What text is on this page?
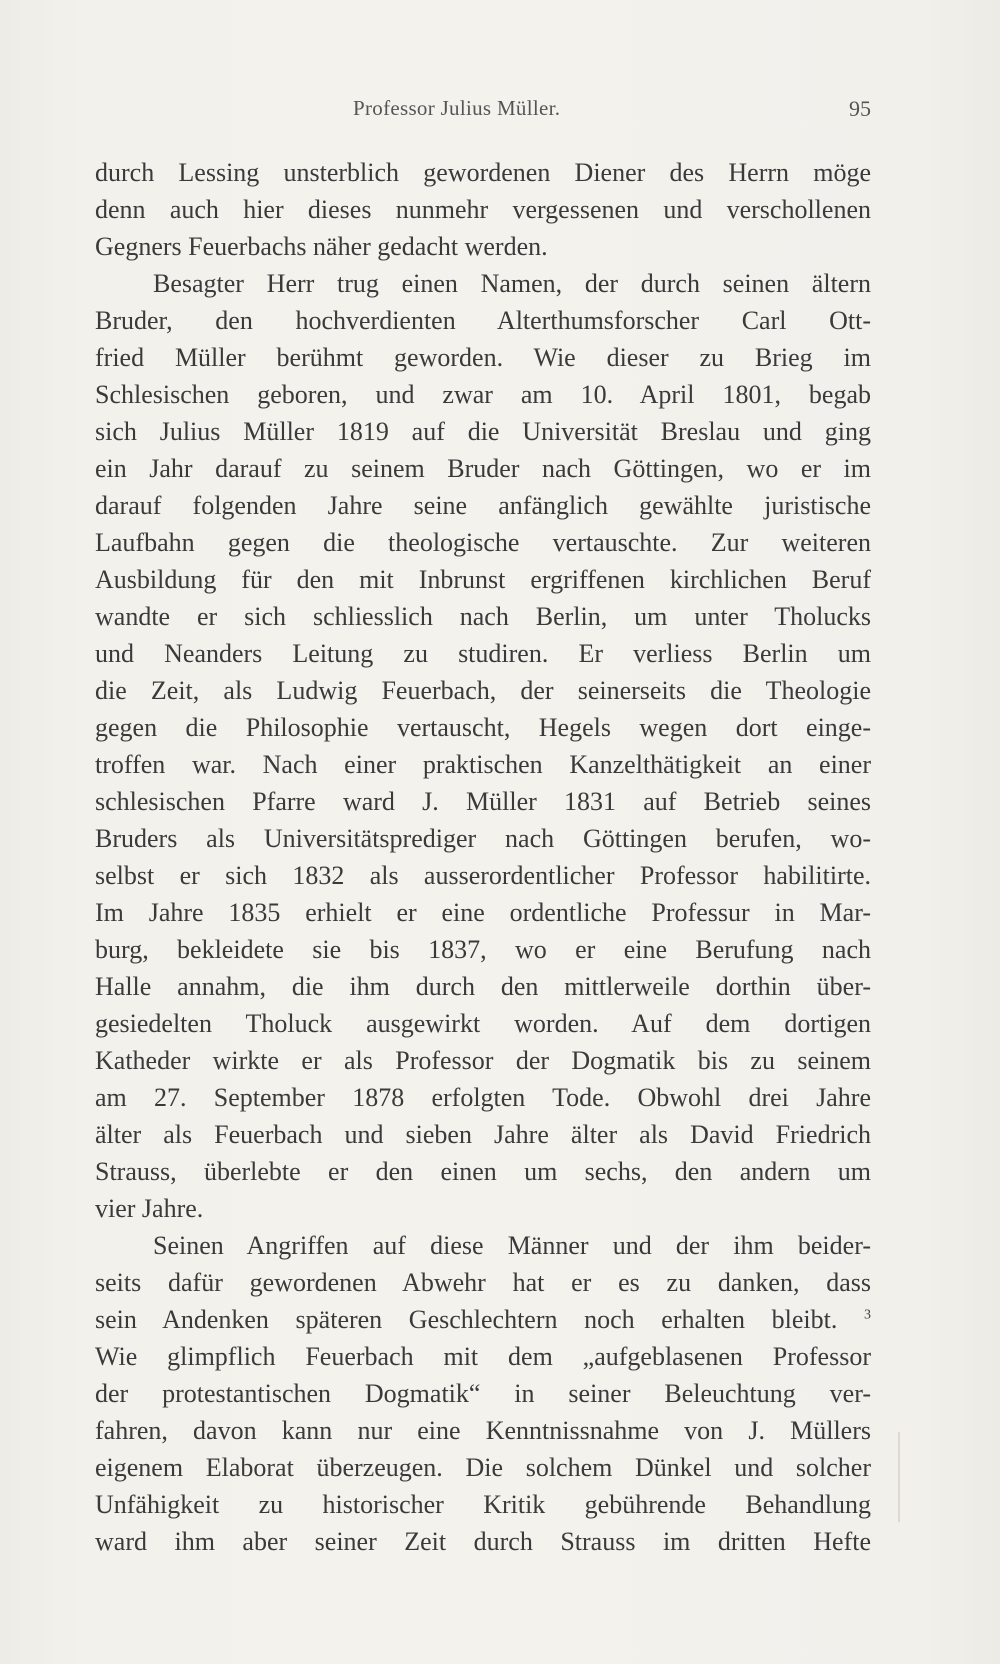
Professor Julius Müller.	95
durch Lessing unsterblich gewordenen Diener des Herrn möge
denn auch hier dieses nunmehr vergessenen und verschollenen
Gegners Feuerbachs näher gedacht werden.
Besagter Herr trug einen Namen, der durch seinen ältern
Bruder, den hochverdienten Alterthumsforscher Carl Ott-
fried Müller berühmt geworden. Wie dieser zu Brieg im
Schlesischen geboren, und zwar am 10. April 1801, begab
sich Julius Müller 1819 auf die Universität Breslau und ging
ein Jahr darauf zu seinem Bruder nach Göttingen, wo er im
darauf folgenden Jahre seine anfänglich gewählte juristische
Laufbahn gegen die theologische vertauschte. Zur weiteren
Ausbildung für den mit Inbrunst ergriffenen kirchlichen Beruf
wandte er sich schliesslich nach Berlin, um unter Tholucks
und Neanders Leitung zu studiren. Er verliess Berlin um
die Zeit, als Ludwig Feuerbach, der seinerseits die Theologie
gegen die Philosophie vertauscht, Hegels wegen dort einge-
troffen war. Nach einer praktischen Kanzelthätigkeit an einer
schlesischen Pfarre ward J. Müller 1831 auf Betrieb seines
Bruders als Universitätsprediger nach Göttingen berufen, wo-
selbst er sich 1832 als ausserordentlicher Professor habilitirte.
Im Jahre 1835 erhielt er eine ordentliche Professur in Mar-
burg, bekleidete sie bis 1837, wo er eine Berufung nach
Halle annahm, die ihm durch den mittlerweile dorthin über-
gesiedelten Tholuck ausgewirkt worden. Auf dem dortigen
Katheder wirkte er als Professor der Dogmatik bis zu seinem
am 27. September 1878 erfolgten Tode. Obwohl drei Jahre
älter als Feuerbach und sieben Jahre älter als David Friedrich
Strauss, überlebte er den einen um sechs, den andern um
vier Jahre.
Seinen Angriffen auf diese Männer und der ihm beider-
seits dafür gewordenen Abwehr hat er es zu danken, dass
sein Andenken späteren Geschlechtern noch erhalten bleibt. $^3$
Wie glimpflich Feuerbach mit dem „aufgeblasenen Professor
der protestantischen Dogmatik“ in seiner Beleuchtung ver-
fahren, davon kann nur eine Kenntnissnahme von J. Müllers
eigenem Elaborat überzeugen. Die solchem Dünkel und solcher
Unfähigkeit zu historischer Kritik gebührende Behandlung
ward ihm aber seiner Zeit durch Strauss im dritten Hefte
